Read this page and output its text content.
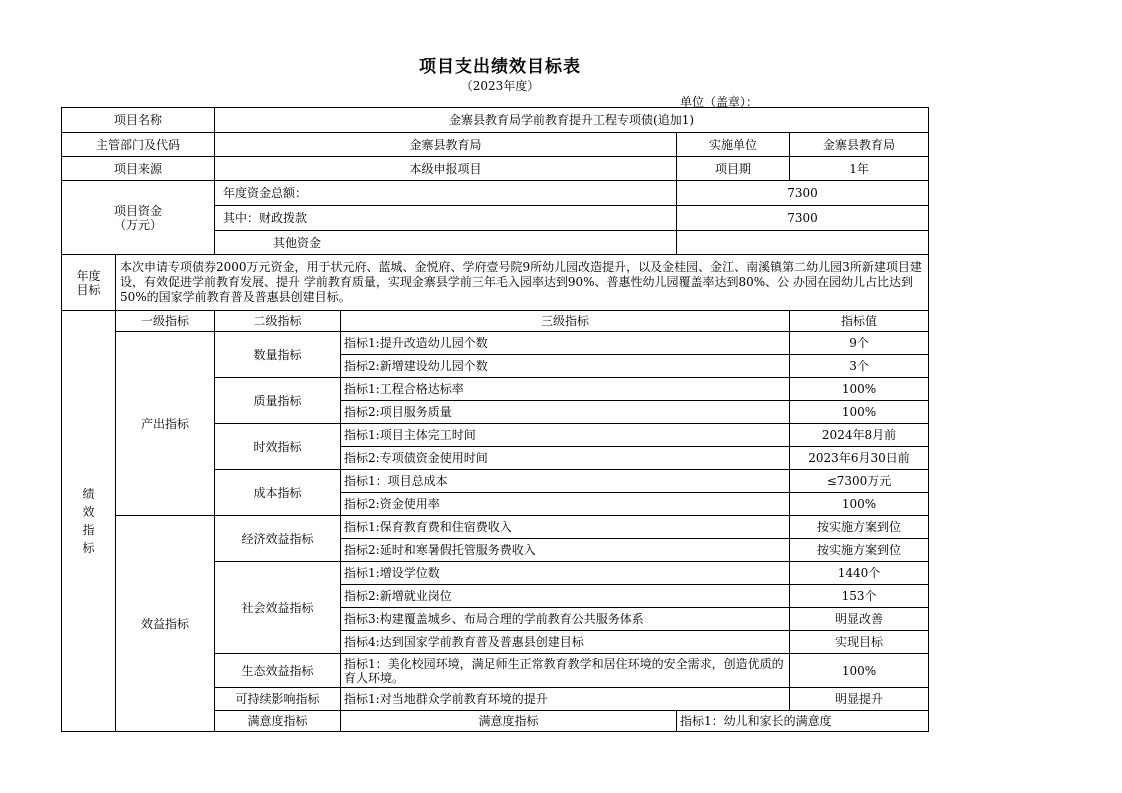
项目支出绩效目标表
（2023年度）
单位（盖章）：
项目名称		金寨县教育局学前教育提升工程专项债(追加1)				
主管部门及代码		金寨县教育局		实施单位	金寨县教育局	
项目来源		本级申报项目		项目期	1年	

项目资金
（万元）		年度资金总额：		7300		
		其中：财政拨款		7300		
		其他资金				

年度
目标	本次申请专项债券2000万元资金，用于状元府、蓝城、金悦府、学府壹号院9所幼儿园改造提升，以及金桂园、金江、南溪镇第二幼儿园3所新建项目建设，有效促进学前教育发展、提升 学前教育质量，实现金寨县学前三年毛入园率达到90%、普惠性幼儿园覆盖率达到80%、公 办园在园幼儿占比达到50%的国家学前教育普及普惠县创建目标。					

绩
效
指
标	一级指标	二级指标	三级指标		指标值	
	产出指标	数量指标	指标1:提升改造幼儿园个数		9个	
			指标2:新增建设幼儿园个数		3个	
		质量指标	指标1:工程合格达标率		100%	
			指标2:项目服务质量		100%	
		时效指标	指标1:项目主体完工时间		2024年8月前	
			指标2:专项债资金使用时间		2023年6月30日前	
		成本指标	指标1：项目总成本		≤7300万元	
			指标2:资金使用率		100%	
	效益指标	经济效益指标	指标1:保育教育费和住宿费收入		按实施方案到位	
			指标2:延时和寒暑假托管服务费收入		按实施方案到位	
		社会效益指标	指标1:增设学位数		1440个	
			指标2:新增就业岗位		153个	
			指标3:构建覆盖城乡、布局合理的学前教育公共服务体系		明显改善	
			指标4:达到国家学前教育普及普惠县创建目标		实现目标	
		生态效益指标	指标1：美化校园环境，满足师生正常教育教学和居住环境的安全需求，创造优质的育人环境。		100%	
		可持续影响指标	指标1:对当地群众学前教育环境的提升		明显提升	
		满意度指标	满意度指标	指标1：幼儿和家长的满意度	
